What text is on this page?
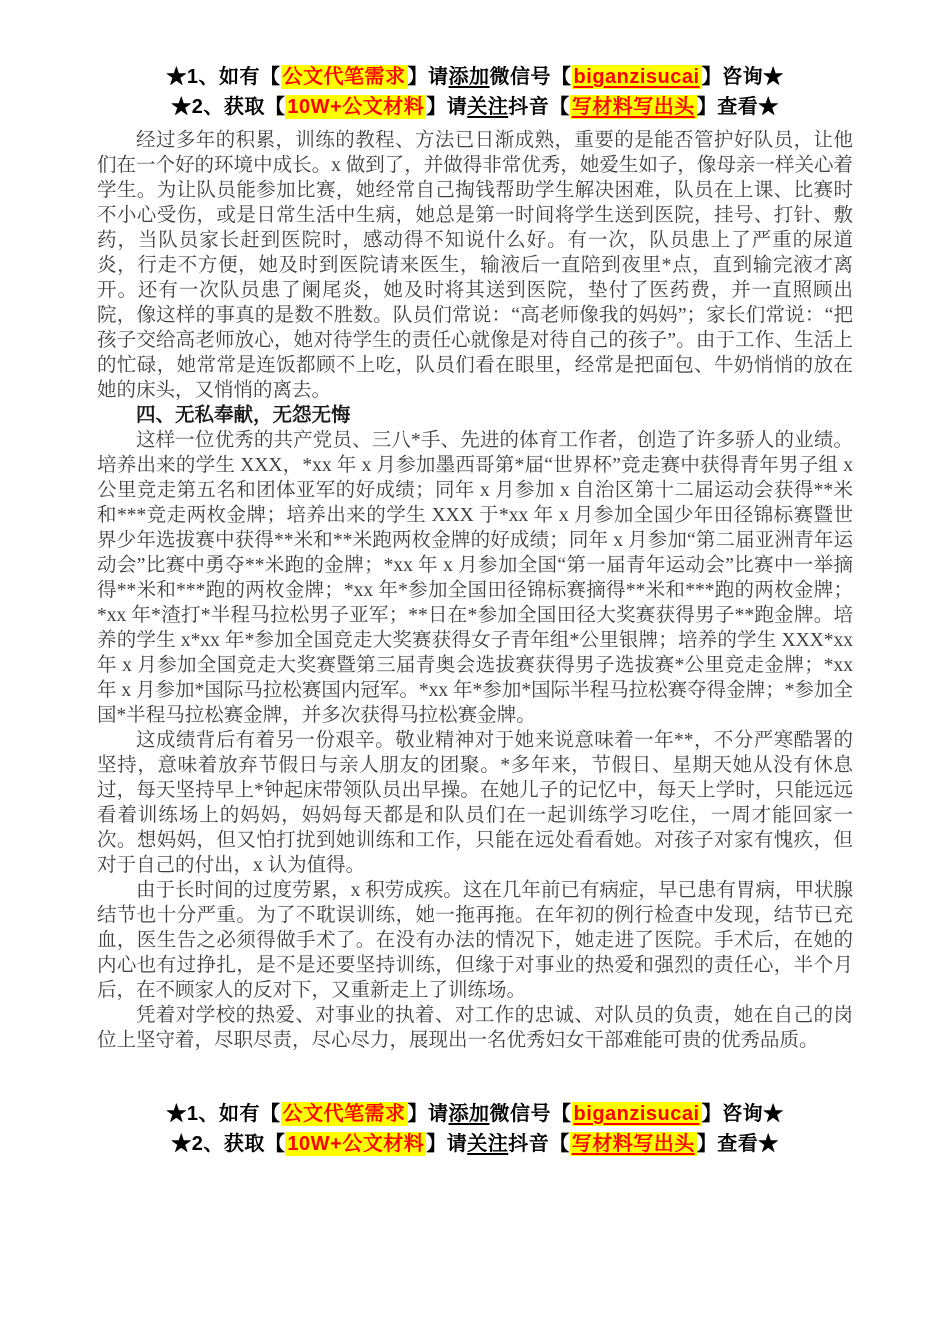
★1、如有【 公文代笔需求 】请添加微信号【 biganzisucai 】咨询★
★2、获取【 10W+公文材料 】请关注抖音【 写材料写出头 】查看★

经过多年的积累，训练的教程、方法已日渐成熟，重要的是能否管护好队员，让他们在一个好的环境中成长。x 做到了，并做得非常优秀，她爱生如子，像母亲一样关心着学生。为让队员能参加比赛，她经常自己掏钱帮助学生解决困难，队员在上课、比赛时不小心受伤，或是日常生活中生病，她总是第一时间将学生送到医院，挂号、打针、敷药，当队员家长赶到医院时，感动得不知说什么好。有一次，队员患上了严重的尿道炎，行走不方便，她及时到医院请来医生，输液后一直陪到夜里*点，直到输完液才离开。还有一次队员患了阑尾炎，她及时将其送到医院，垫付了医药费，并一直照顾出院，像这样的事真的是数不胜数。队员们常说：“高老师像我的妈妈”；家长们常说：“把孩子交给高老师放心，她对待学生的责任心就像是对待自己的孩子”。由于工作、生活上的忙碌，她常常是连饭都顾不上吃，队员们看在眼里，经常是把面包、牛奶悄悄的放在她的床头，又悄悄的离去。

四、无私奉献，无怨无悔

这样一位优秀的共产党员、三八*手、先进的体育工作者，创造了许多骄人的业绩。培养出来的学生 XXX，*xx 年 x 月参加墨西哥第*届“世界杯”竞走赛中获得青年男子组 x 公里竞走第五名和团体亚军的好成绩；同年 x 月参加 x 自治区第十二届运动会获得**米和***竞走两枚金牌；培养出来的学生 XXX 于*xx 年 x 月参加全国少年田径锦标赛暨世界少年选拔赛中获得**米和**米跑两枚金牌的好成绩；同年 x 月参加“第二届亚洲青年运动会”比赛中勇夺**米跑的金牌；*xx 年 x 月参加全国“第一届青年运动会”比赛中一举摘得**米和***跑的两枚金牌；*xx 年*参加全国田径锦标赛摘得**米和***跑的两枚金牌；*xx 年*渣打*半程马拉松男子亚军；**日在*参加全国田径大奖赛获得男子**跑金牌。培养的学生 x*xx 年*参加全国竞走大奖赛获得女子青年组*公里银牌；培养的学生 XXX*xx 年 x 月参加全国竞走大奖赛暨第三届青奥会选拔赛获得男子选拔赛*公里竞走金牌；*xx 年 x 月参加*国际马拉松赛国内冠军。*xx 年*参加*国际半程马拉松赛夺得金牌；*参加全国*半程马拉松赛金牌，并多次获得马拉松赛金牌。

这成绩背后有着另一份艰辛。敬业精神对于她来说意味着一年**，不分严寒酷署的坚持，意味着放弃节假日与亲人朋友的团聚。*多年来，节假日、星期天她从没有休息过，每天坚持早上*钟起床带领队员出早操。在她儿子的记忆中，每天上学时，只能远远看着训练场上的妈妈，妈妈每天都是和队员们在一起训练学习吃住，一周才能回家一次。想妈妈，但又怕打扰到她训练和工作，只能在远处看看她。对孩子对家有愧疚，但对于自己的付出，x 认为值得。

由于长时间的过度劳累，x 积劳成疾。这在几年前已有病症，早已患有胃病，甲状腺结节也十分严重。为了不耽误训练，她一拖再拖。在年初的例行检查中发现，结节已充血，医生告之必须得做手术了。在没有办法的情况下，她走进了医院。手术后，在她的内心也有过挣扎，是不是还要坚持训练，但缘于对事业的热爱和强烈的责任心，半个月后，在不顾家人的反对下，又重新走上了训练场。

凭着对学校的热爱、对事业的执着、对工作的忠诚、对队员的负责，她在自己的岗位上坚守着，尽职尽责，尽心尽力，展现出一名优秀妇女干部难能可贵的优秀品质。

★1、如有【 公文代笔需求 】请添加微信号【 biganzisucai 】咨询★
★2、获取【 10W+公文材料 】请关注抖音【 写材料写出头 】查看★
